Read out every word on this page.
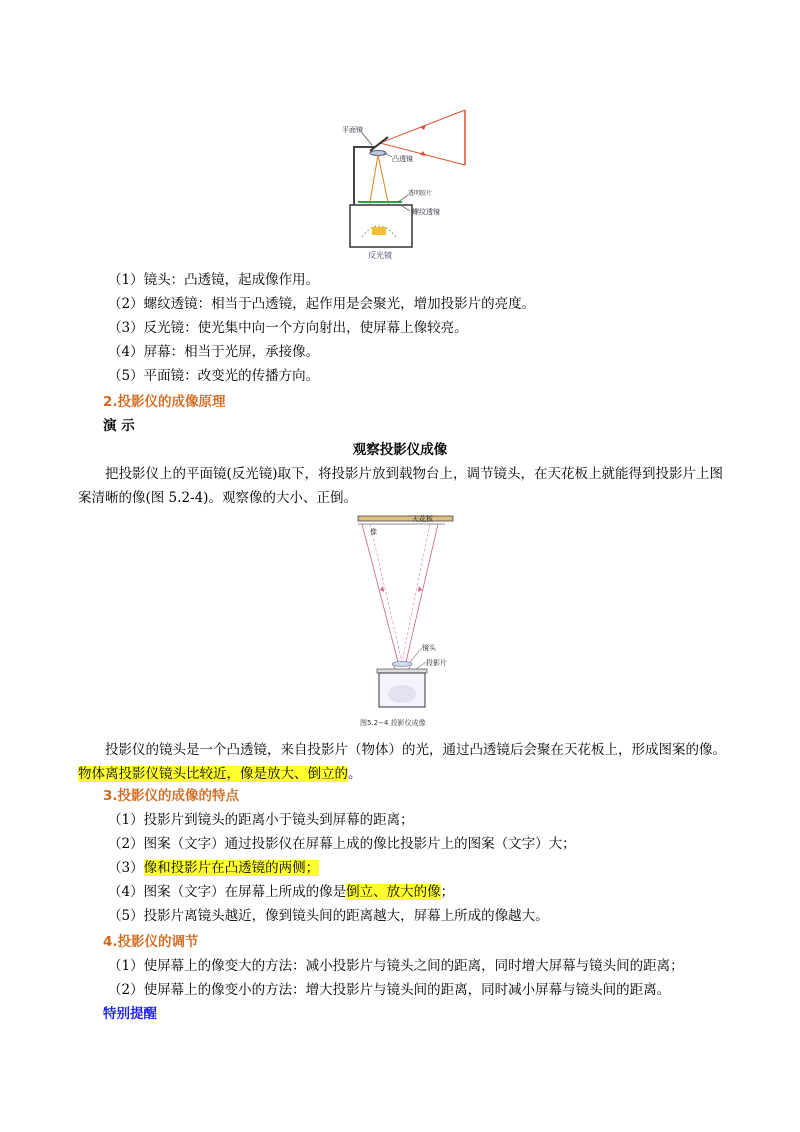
平面镜
凸透镜
透明胶片
螺纹透镜
反光镜
（1）镜头：凸透镜，起成像作用。
（2）螺纹透镜：相当于凸透镜，起作用是会聚光，增加投影片的亮度。
（3）反光镜：使光集中向一个方向射出，使屏幕上像较亮。
（4）屏幕：相当于光屏，承接像。
（5）平面镜：改变光的传播方向。
2.投影仪的成像原理
演 示
观察投影仪成像
把投影仪上的平面镜(反光镜)取下，将投影片放到载物台上，调节镜头，在天花板上就能得到投影片上图案清晰的像(图 5.2-4)。观察像的大小、正倒。
天花板
像
镜头
投影片
图5.2−4 投影仪成像
投影仪的镜头是一个凸透镜，来自投影片（物体）的光，通过凸透镜后会聚在天花板上，形成图案的像。物体离投影仪镜头比较近，像是放大、倒立的。
3.投影仪的成像的特点
（1）投影片到镜头的距离小于镜头到屏幕的距离；
（2）图案（文字）通过投影仪在屏幕上成的像比投影片上的图案（文字）大；
（3）像和投影片在凸透镜的两侧；
（4）图案（文字）在屏幕上所成的像是倒立、放大的像；
（5）投影片离镜头越近，像到镜头间的距离越大，屏幕上所成的像越大。
4.投影仪的调节
（1）使屏幕上的像变大的方法：减小投影片与镜头之间的距离，同时增大屏幕与镜头间的距离；
（2）使屏幕上的像变小的方法：增大投影片与镜头间的距离，同时减小屏幕与镜头间的距离。
特别提醒
